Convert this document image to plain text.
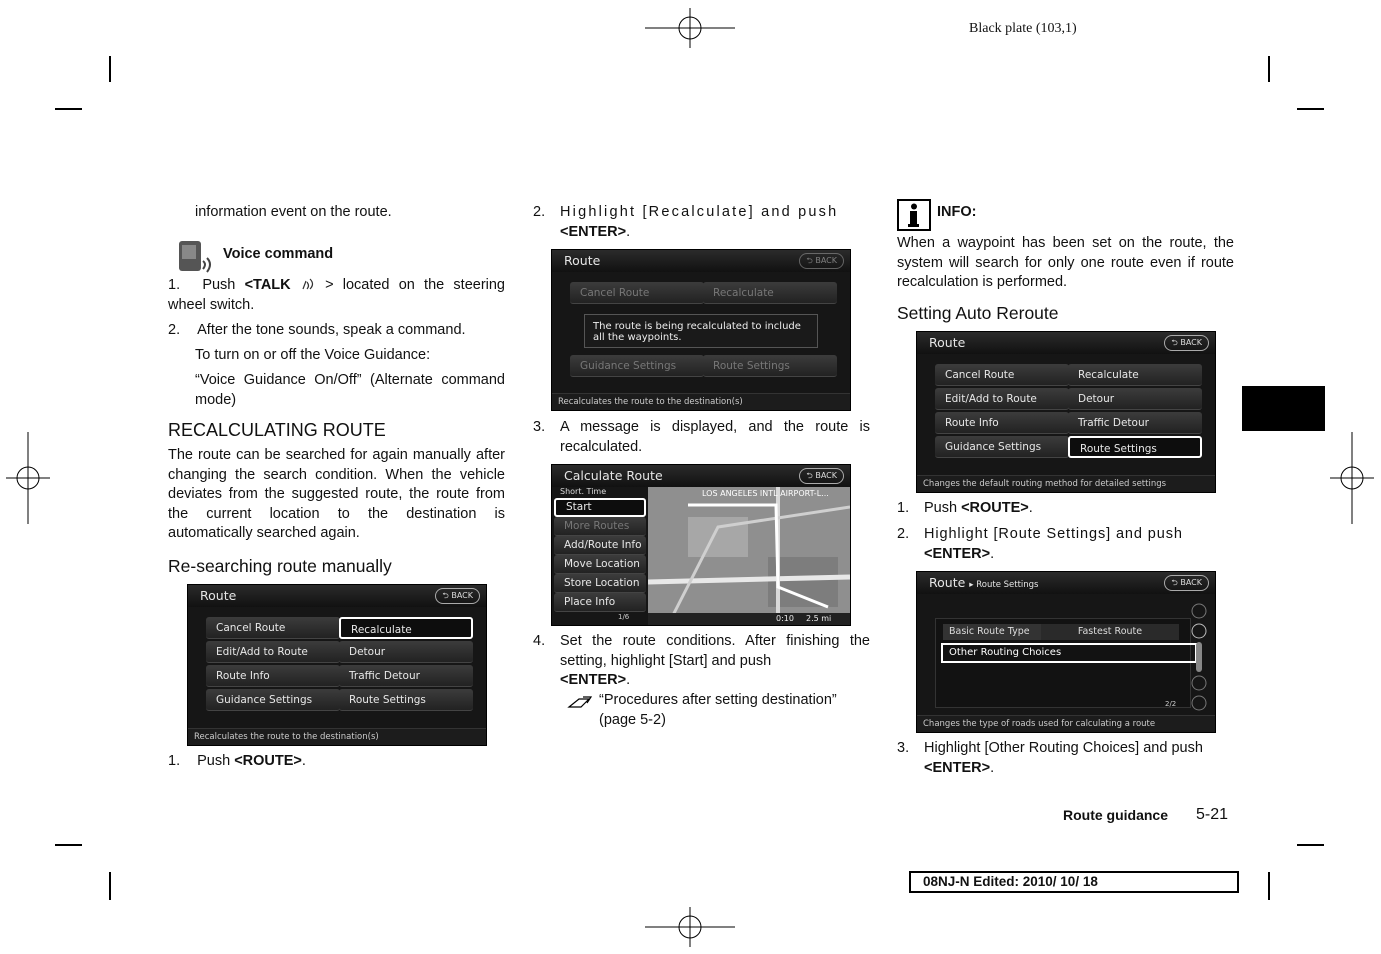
Black plate (103,1)
information event on the route.
Voice command
1. Push <TALK  > located on the steering wheel switch.
2. After the tone sounds, speak a command.
To turn on or off the Voice Guidance:
“Voice Guidance On/Off” (Alternate command mode)
RECALCULATING ROUTE
The route can be searched for again manually after changing the search condition. When the vehicle deviates from the suggested route, the route from the current location to the destination is automatically searched again.
Re-searching route manually
Route	⮌ BACK
Cancel Route	Recalculate
Edit/Add to Route	Detour
Route Info	Traffic Detour
Guidance Settings	Route Settings
Recalculates the route to the destination(s)
1. Push <ROUTE>.
2.	Highlight [Recalculate] and push
<ENTER>.
Route	⮌ BACK
Cancel Route	Recalculate
Guidance Settings	Route Settings
The route is being recalculated to include all the waypoints.
Recalculates the route to the destination(s)
3.	A message is displayed, and the route is recalculated.
Calculate Route	⮌ BACK
LOS ANGELES INTL AIRPORT-L...
Short. Time
Start
More Routes
Add/Route Info
Move Location
Store Location
Place Info
1/6	0:10 2.5 mi
4.	Set the route conditions. After finishing the setting, highlight [Start] and push
<ENTER>.
“Procedures after setting destination” (page 5-2)
INFO:
When a waypoint has been set on the route, the system will search for only one route even if route recalculation is performed.
Setting Auto Reroute
Route	⮌ BACK
Cancel Route	Recalculate
Edit/Add to Route	Detour
Route Info	Traffic Detour
Guidance Settings	Route Settings
Changes the default routing method for detailed settings
1.	Push <ROUTE>.
2.	Highlight [Route Settings] and push
<ENTER>.
Route ▸ Route Settings	⮌ BACK
Basic Route Type	Fastest Route
Other Routing Choices
2/2
Changes the type of roads used for calculating a route
3.	Highlight [Other Routing Choices] and push
<ENTER>.
Route guidance 5-21
08NJ-N Edited: 2010/ 10/ 18
